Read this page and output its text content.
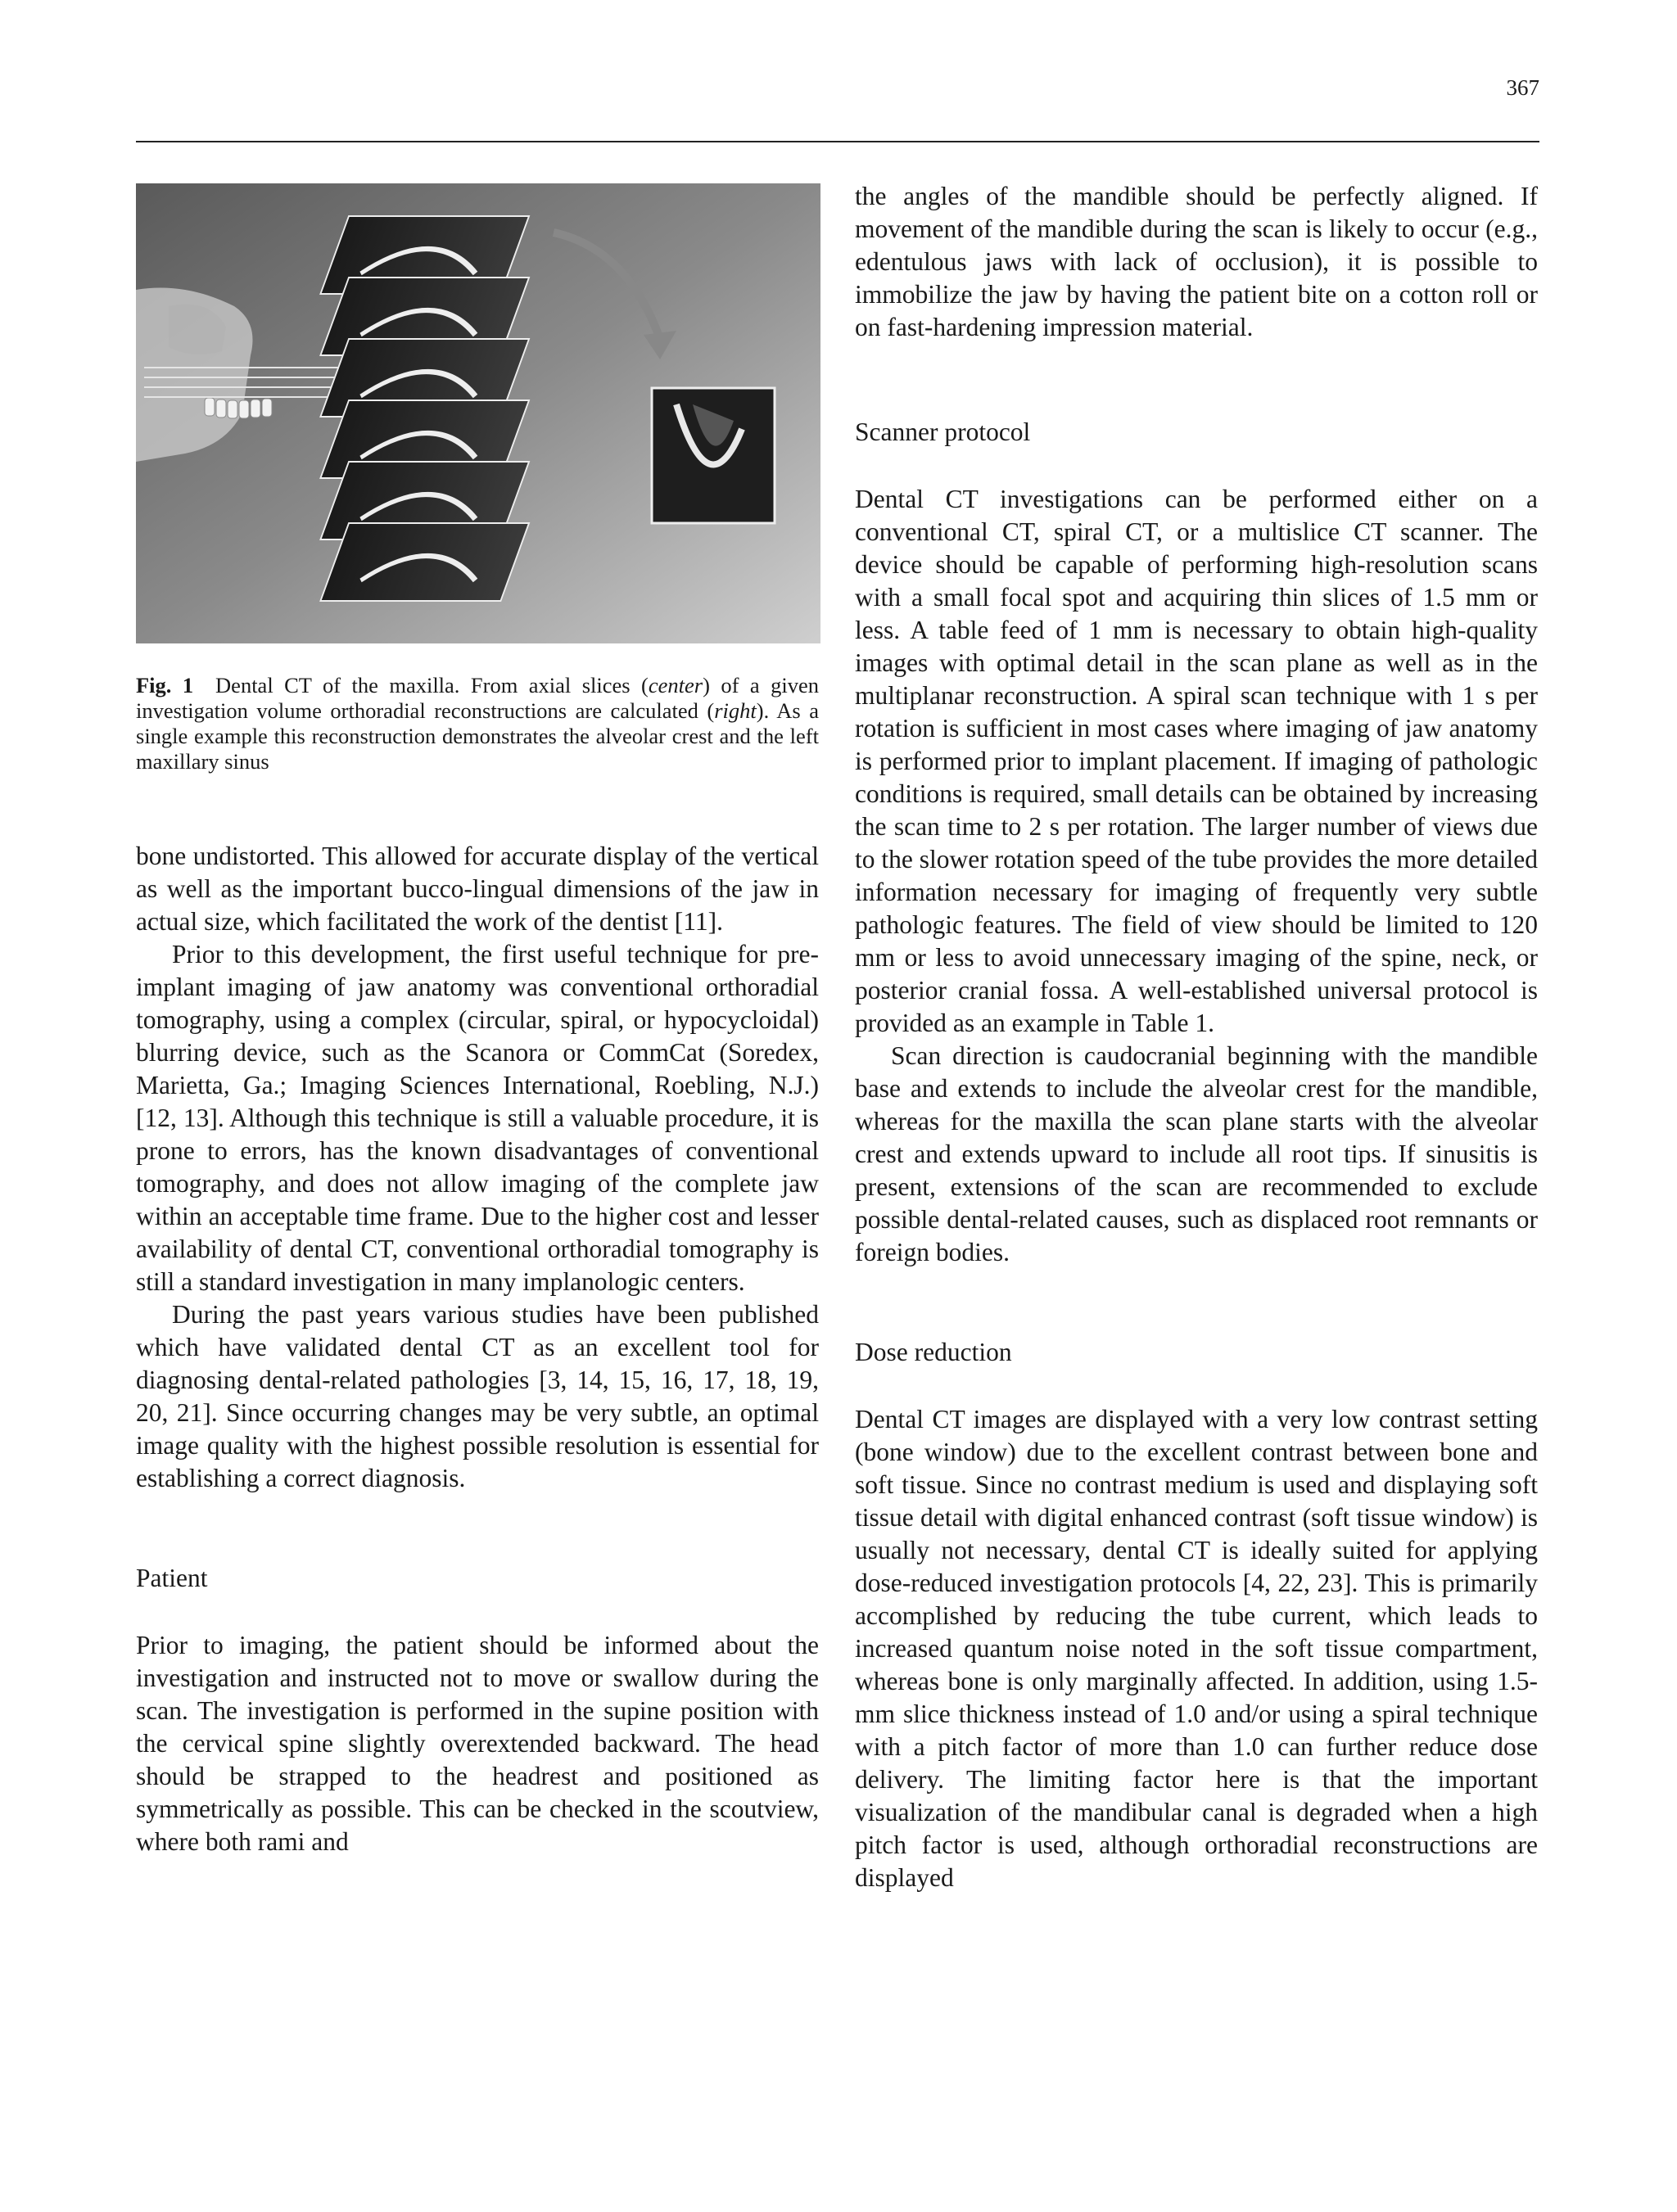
367
Fig. 1 Dental CT of the maxilla. From axial slices (center) of a given investigation volume orthoradial reconstructions are calculated (right). As a single example this reconstruction demonstrates the alveolar crest and the left maxillary sinus

bone undistorted. This allowed for accurate display of the vertical as well as the important bucco-lingual dimensions of the jaw in actual size, which facilitated the work of the dentist [11].

Prior to this development, the first useful technique for pre-implant imaging of jaw anatomy was conventional orthoradial tomography, using a complex (circular, spiral, or hypocycloidal) blurring device, such as the Scanora or CommCat (Soredex, Marietta, Ga.; Imaging Sciences International, Roebling, N.J.) [12, 13]. Although this technique is still a valuable procedure, it is prone to errors, has the known disadvantages of conventional tomography, and does not allow imaging of the complete jaw within an acceptable time frame. Due to the higher cost and lesser availability of dental CT, conventional orthoradial tomography is still a standard investigation in many implanologic centers.

During the past years various studies have been published which have validated dental CT as an excellent tool for diagnosing dental-related pathologies [3, 14, 15, 16, 17, 18, 19, 20, 21]. Since occurring changes may be very subtle, an optimal image quality with the highest possible resolution is essential for establishing a correct diagnosis.

Patient

Prior to imaging, the patient should be informed about the investigation and instructed not to move or swallow during the scan. The investigation is performed in the supine position with the cervical spine slightly overextended backward. The head should be strapped to the headrest and positioned as symmetrically as possible. This can be checked in the scoutview, where both rami and

the angles of the mandible should be perfectly aligned. If movement of the mandible during the scan is likely to occur (e.g., edentulous jaws with lack of occlusion), it is possible to immobilize the jaw by having the patient bite on a cotton roll or on fast-hardening impression material.

Scanner protocol

Dental CT investigations can be performed either on a conventional CT, spiral CT, or a multislice CT scanner. The device should be capable of performing high-resolution scans with a small focal spot and acquiring thin slices of 1.5 mm or less. A table feed of 1 mm is necessary to obtain high-quality images with optimal detail in the scan plane as well as in the multiplanar reconstruction. A spiral scan technique with 1 s per rotation is sufficient in most cases where imaging of jaw anatomy is performed prior to implant placement. If imaging of pathologic conditions is required, small details can be obtained by increasing the scan time to 2 s per rotation. The larger number of views due to the slower rotation speed of the tube provides the more detailed information necessary for imaging of frequently very subtle pathologic features. The field of view should be limited to 120 mm or less to avoid unnecessary imaging of the spine, neck, or posterior cranial fossa. A well-established universal protocol is provided as an example in Table 1.

Scan direction is caudocranial beginning with the mandible base and extends to include the alveolar crest for the mandible, whereas for the maxilla the scan plane starts with the alveolar crest and extends upward to include all root tips. If sinusitis is present, extensions of the scan are recommended to exclude possible dental-related causes, such as displaced root remnants or foreign bodies.

Dose reduction

Dental CT images are displayed with a very low contrast setting (bone window) due to the excellent contrast between bone and soft tissue. Since no contrast medium is used and displaying soft tissue detail with digital enhanced contrast (soft tissue window) is usually not necessary, dental CT is ideally suited for applying dose-reduced investigation protocols [4, 22, 23]. This is primarily accomplished by reducing the tube current, which leads to increased quantum noise noted in the soft tissue compartment, whereas bone is only marginally affected. In addition, using 1.5-mm slice thickness instead of 1.0 and/or using a spiral technique with a pitch factor of more than 1.0 can further reduce dose delivery. The limiting factor here is that the important visualization of the mandibular canal is degraded when a high pitch factor is used, although orthoradial reconstructions are displayed
